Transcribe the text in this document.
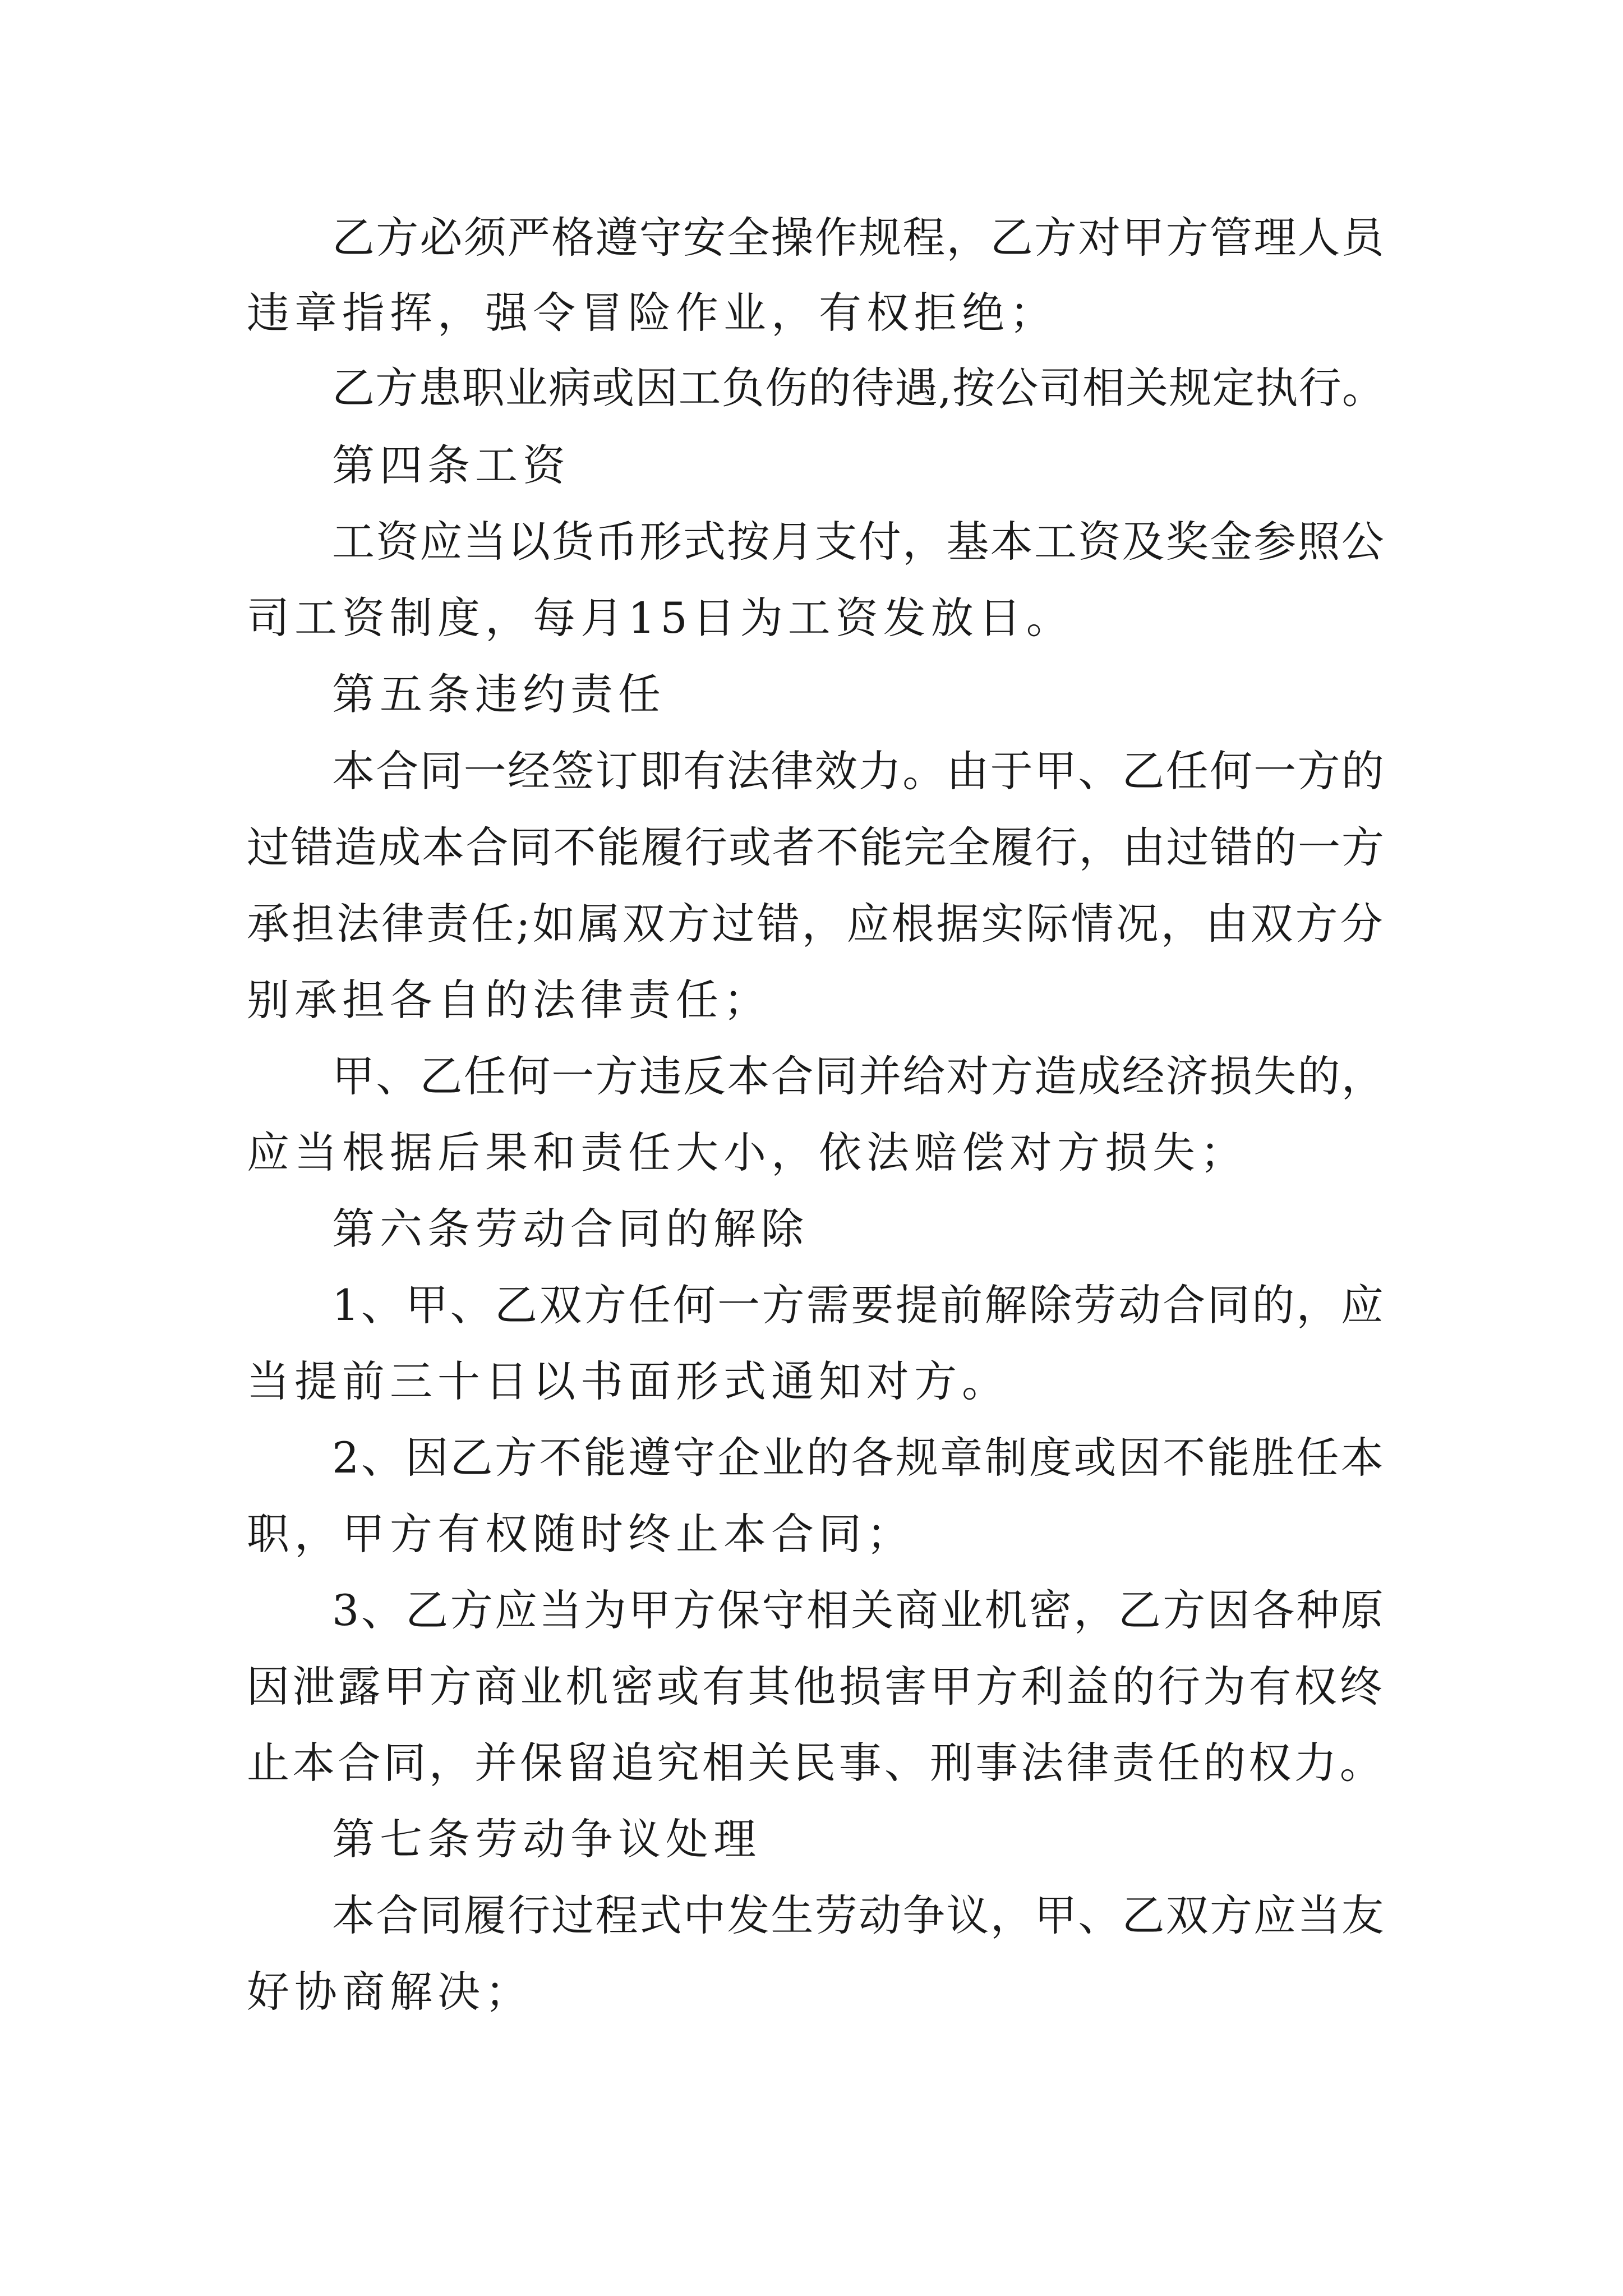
乙方必须严格遵守安全操作规程，乙方对甲方管理人员

违章指挥，强令冒险作业，有权拒绝；

乙方患职业病或因工负伤的待遇,按公司相关规定执行。

第四条工资

工资应当以货币形式按月支付，基本工资及奖金参照公

司工资制度，每月15日为工资发放日。

第五条违约责任

本合同一经签订即有法律效力。由于甲、乙任何一方的

过错造成本合同不能履行或者不能完全履行，由过错的一方

承担法律责任;如属双方过错，应根据实际情况，由双方分

别承担各自的法律责任；

甲、乙任何一方违反本合同并给对方造成经济损失的，

应当根据后果和责任大小，依法赔偿对方损失；

第六条劳动合同的解除

1、甲、乙双方任何一方需要提前解除劳动合同的，应

当提前三十日以书面形式通知对方。

2、因乙方不能遵守企业的各规章制度或因不能胜任本

职，甲方有权随时终止本合同；

3、乙方应当为甲方保守相关商业机密，乙方因各种原

因泄露甲方商业机密或有其他损害甲方利益的行为有权终

止本合同，并保留追究相关民事、刑事法律责任的权力。

第七条劳动争议处理

本合同履行过程式中发生劳动争议，甲、乙双方应当友

好协商解决；
